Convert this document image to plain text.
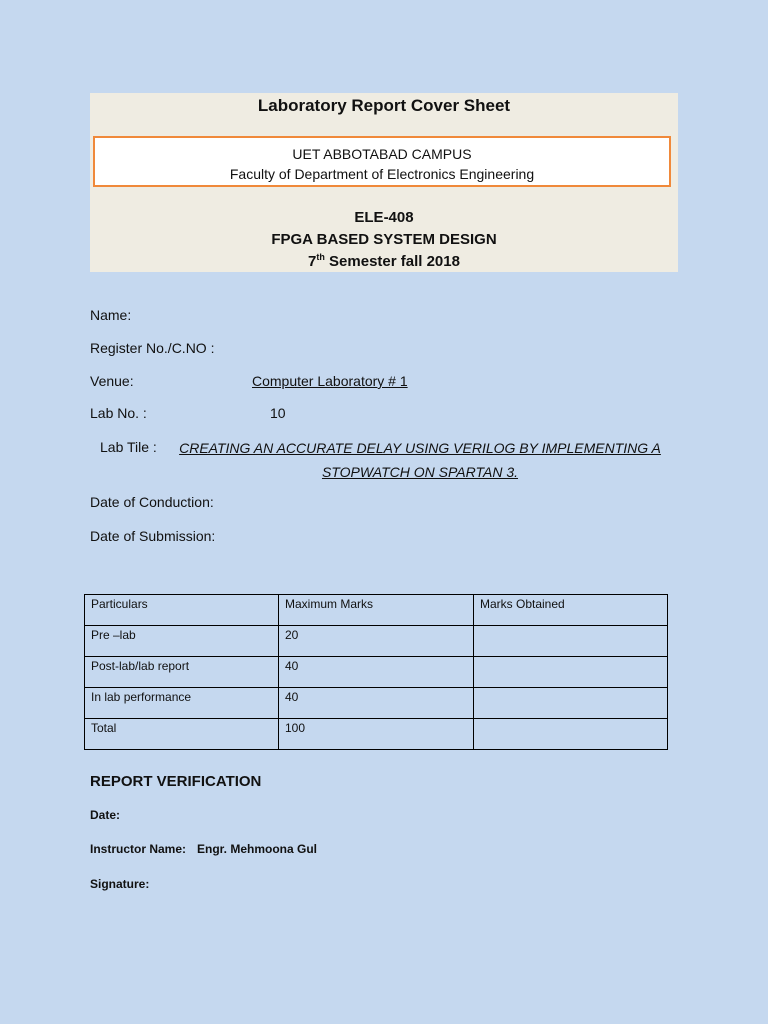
Laboratory Report Cover Sheet
UET ABBOTABAD CAMPUS
Faculty of Department of Electronics Engineering
ELE-408
FPGA BASED SYSTEM DESIGN
7th Semester fall 2018
Name:
Register No./C.NO :
Venue:	Computer Laboratory # 1
Lab No. :	10
Lab Tile :	CREATING AN ACCURATE DELAY USING VERILOG BY IMPLEMENTING A STOPWATCH ON SPARTAN 3.
Date of Conduction:
Date of Submission:
Particulars	Maximum Marks	Marks Obtained
Pre –lab	20	
Post-lab/lab report	40	
In lab performance	40	
Total	100	
REPORT VERIFICATION
Date:
Instructor Name: Engr. Mehmoona Gul
Signature:
